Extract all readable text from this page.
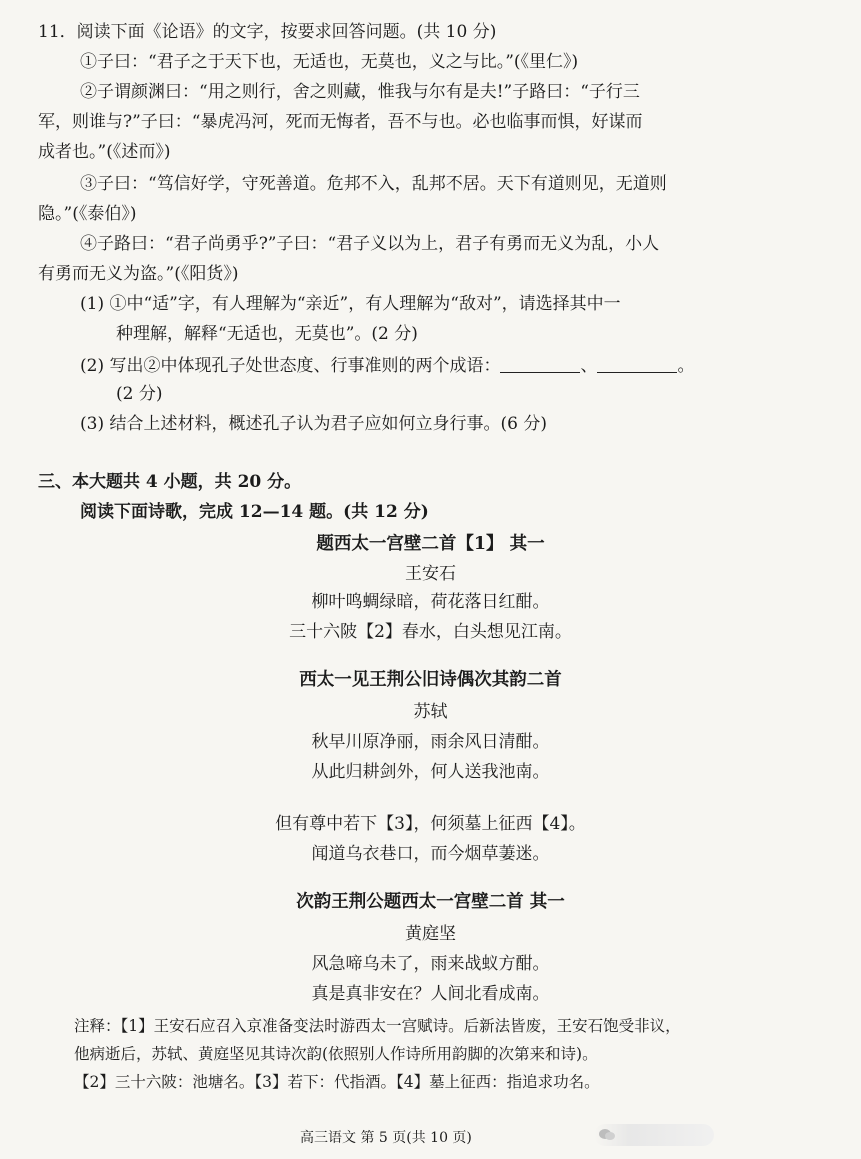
11．阅读下面《论语》的文字，按要求回答问题。(共 10 分)
①子曰：“君子之于天下也，无适也，无莫也，义之与比。”(《里仁》)
②子谓颜渊曰：“用之则行，舍之则藏，惟我与尔有是夫!”子路曰：“子行三
军，则谁与?”子曰：“暴虎冯河，死而无悔者，吾不与也。必也临事而惧，好谋而
成者也。”(《述而》)
③子曰：“笃信好学，守死善道。危邦不入，乱邦不居。天下有道则见，无道则
隐。”(《泰伯》)
④子路曰：“君子尚勇乎?”子曰：“君子义以为上，君子有勇而无义为乱，小人
有勇而无义为盗。”(《阳货》)
(1) ①中“适”字，有人理解为“亲近”，有人理解为“敌对”，请选择其中一
种理解，解释“无适也，无莫也”。(2 分)
(2) 写出②中体现孔子处世态度、行事准则的两个成语：	、	。
(2 分)
(3) 结合上述材料，概述孔子认为君子应如何立身行事。(6 分)
三、本大题共 4 小题，共 20 分。
阅读下面诗歌，完成 12—14 题。(共 12 分)
题西太一宫壁二首【1】 其一
王安石
柳叶鸣蜩绿暗，荷花落日红酣。
三十六陂【2】春水，白头想见江南。
西太一见王荆公旧诗偶次其韵二首
苏轼
秋早川原净丽，雨余风日清酣。
从此归耕剑外，何人送我池南。
但有尊中若下【3】，何须墓上征西【4】。
闻道乌衣巷口，而今烟草萋迷。
次韵王荆公题西太一宫壁二首 其一
黄庭坚
风急啼乌未了，雨来战蚁方酣。
真是真非安在？人间北看成南。
注释：【1】王安石应召入京准备变法时游西太一宫赋诗。后新法皆废，王安石饱受非议，
他病逝后，苏轼、黄庭坚见其诗次韵(依照别人作诗所用韵脚的次第来和诗)。
【2】三十六陂：池塘名。【3】若下：代指酒。【4】墓上征西：指追求功名。
高三语文 第 5 页(共 10 页)
